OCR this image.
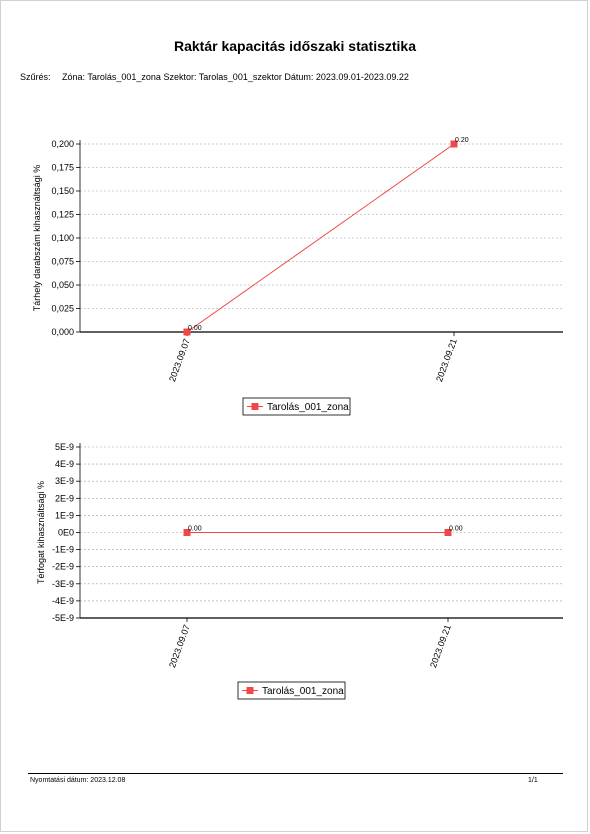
Raktár kapacitás időszaki statisztika
Szűrés: Zóna: Tarolás_001_zona Szektor: Tarolas_001_szektor Dátum: 2023.09.01-2023.09.22
0,000
0,025
0,050
0,075
0,100
0,125
0,150
0,175
0,200
Tárhely darabszám kihasználtsági %
2023.09.07	2023.09.21
0.00
0.20
Tarolás_001_zona
-5E-9
-4E-9
-3E-9
-2E-9
-1E-9
0E0
1E-9
2E-9
3E-9
4E-9
5E-9
Térfogat kihasználtsági %
2023.09.07	2023.09.21
0.00	0.00
Tarolás_001_zona
Nyomtatási dátum: 2023.12.08	1/1
